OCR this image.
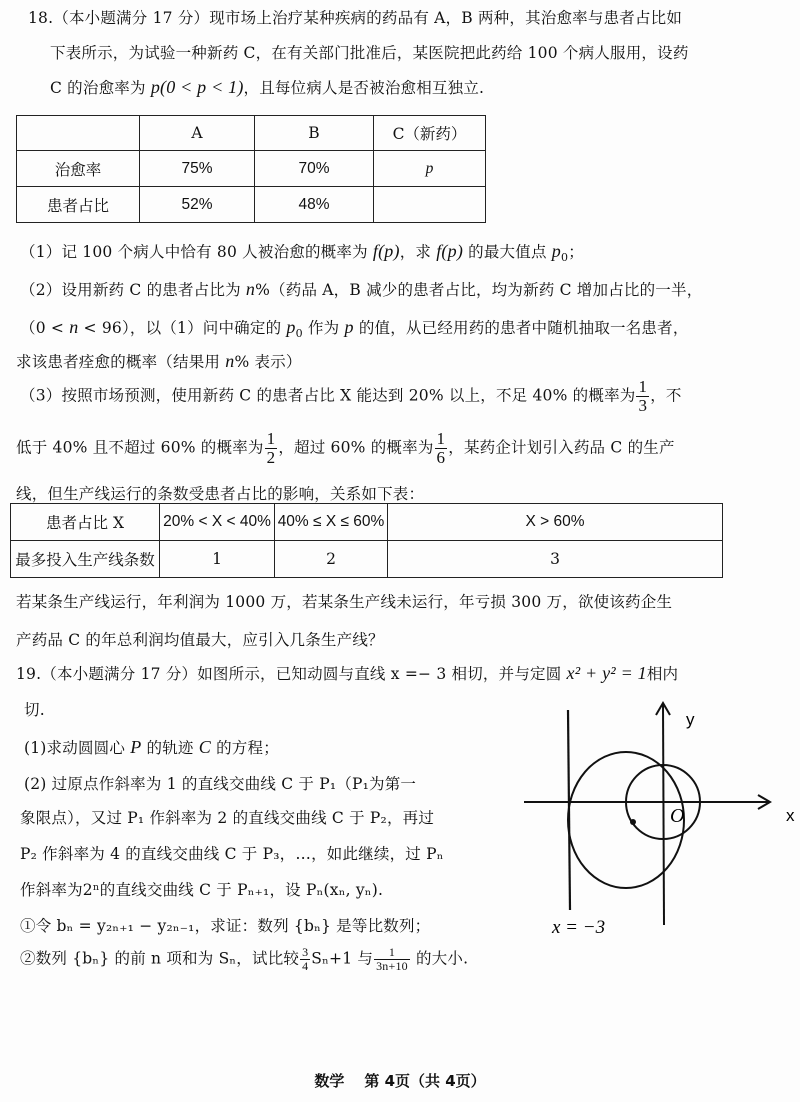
18.（本小题满分 17 分）现市场上治疗某种疾病的药品有 A，B 两种，其治愈率与患者占比如
下表所示，为试验一种新药 C，在有关部门批准后，某医院把此药给 100 个病人服用，设药
C 的治愈率为 p(0 < p < 1)，且每位病人是否被治愈相互独立.
	A	B	C（新药）
治愈率	75%	70%	p
患者占比	52%	48%	
（1）记 100 个病人中恰有 80 人被治愈的概率为 f(p)，求 f(p) 的最大值点 $p_0$；
（2）设用新药 C 的患者占比为 n%（药品 A，B 减少的患者占比，均为新药 C 增加占比的一半，
（0 < n < 96），以（1）问中确定的 $p_0$ 作为 p 的值，从已经用药的患者中随机抽取一名患者，
求该患者痊愈的概率（结果用 n% 表示）
（3）按照市场预测，使用新药 C 的患者占比 X 能达到 20% 以上，不足 40% 的概率为 $\frac{1}{3}$ ，不
低于 40% 且不超过 60% 的概率为 $\frac{1}{2}$ ，超过 60% 的概率为 $\frac{1}{6}$ ，某药企计划引入药品 C 的生产
线，但生产线运行的条数受患者占比的影响，关系如下表：
患者占比 X	20% < X < 40%	40% ≤ X ≤ 60%	X > 60%
最多投入生产线条数	1	2	3
若某条生产线运行，年利润为 1000 万，若某条生产线未运行，年亏损 300 万，欲使该药企生
产药品 C 的年总利润均值最大，应引入几条生产线？
19.（本小题满分 17 分）如图所示，已知动圆与直线 x =− 3 相切，并与定圆 x² + y² = 1相内
切.
(1)求动圆圆心 P 的轨迹 C 的方程；
(2) 过原点作斜率为 1 的直线交曲线 C 于 P₁（P₁为第一
象限点），又过 P₁ 作斜率为 2 的直线交曲线 C 于 P₂，再过
P₂ 作斜率为 4 的直线交曲线 C 于 P₃，…，如此继续，过 Pₙ
作斜率为2ⁿ的直线交曲线 C 于 Pₙ₊₁，设 Pₙ(xₙ, yₙ).
①令 bₙ = y₂ₙ₊₁ − y₂ₙ₋₁，求证：数列 {bₙ} 是等比数列；
②数列 {bₙ} 的前 n 项和为 Sₙ，试比较 $\frac{3}{4} S_n+1$ 与 $\frac{1}{3n+10}$ 的大小.
O
y
x
x = −3
数学 第 4页（共 4页）
